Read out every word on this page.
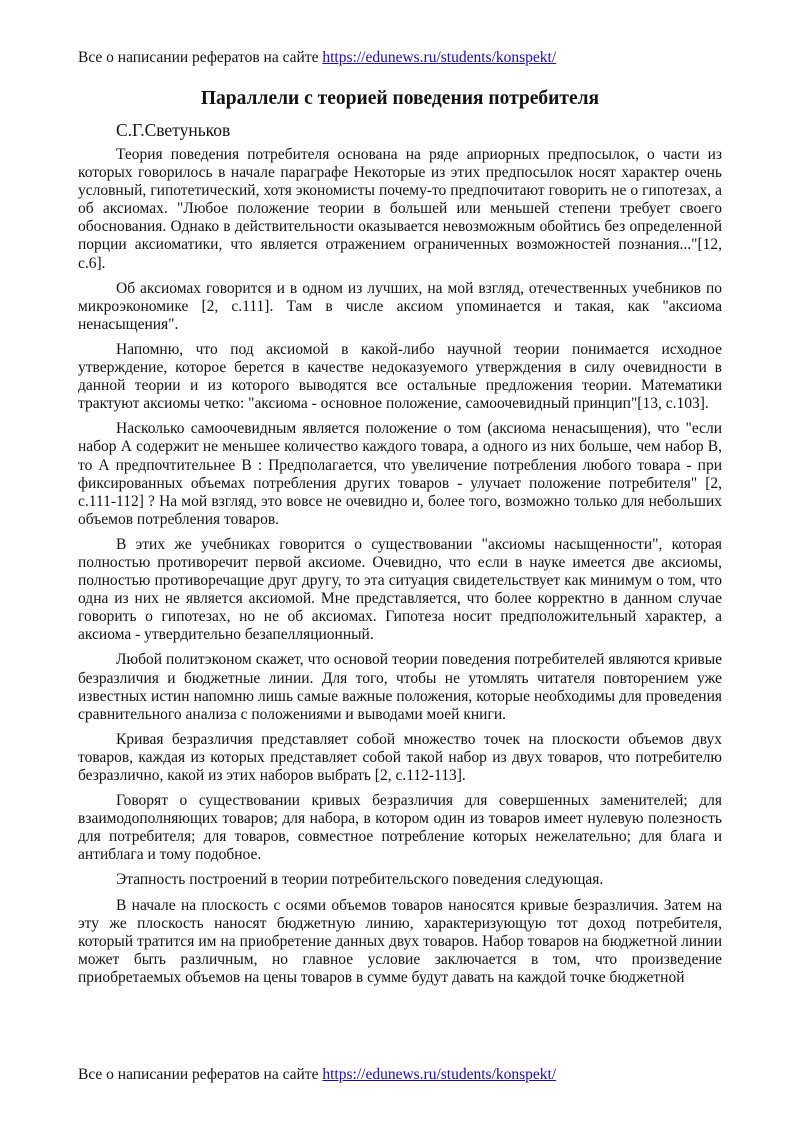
Все о написании рефератов на сайте https://edunews.ru/students/konspekt/
Параллели с теорией поведения потребителя
С.Г.Светуньков

Теория поведения потребителя основана на ряде априорных предпосылок, о части из которых говорилось в начале параграфе Некоторые из этих предпосылок носят характер очень условный, гипотетический, хотя экономисты почему-то предпочитают говорить не о гипотезах, а об аксиомах. "Любое положение теории в большей или меньшей степени требует своего обоснования. Однако в действительности оказывается невозможным обойтись без определенной порции аксиоматики, что является отражением ограниченных возможностей познания..."[12, с.6].

Об аксиомах говорится и в одном из лучших, на мой взгляд, отечественных учебников по микроэкономике [2, с.111]. Там в числе аксиом упоминается и такая, как "аксиома ненасыщения".

Напомню, что под аксиомой в какой-либо научной теории понимается исходное утверждение, которое берется в качестве недоказуемого утверждения в силу очевидности в данной теории и из которого выводятся все остальные предложения теории. Математики трактуют аксиомы четко: "аксиома - основное положение, самоочевидный принцип"[13, с.103].

Насколько самоочевидным является положение о том (аксиома ненасыщения), что "если набор А содержит не меньшее количество каждого товара, а одного из них больше, чем набор В, то А предпочтительнее В : Предполагается, что увеличение потребления любого товара - при фиксированных объемах потребления других товаров - улучает положение потребителя" [2, с.111-112] ? На мой взгляд, это вовсе не очевидно и, более того, возможно только для небольших объемов потребления товаров.

В этих же учебниках говорится о существовании "аксиомы насыщенности", которая полностью противоречит первой аксиоме. Очевидно, что если в науке имеется две аксиомы, полностью противоречащие друг другу, то эта ситуация свидетельствует как минимум о том, что одна из них не является аксиомой. Мне представляется, что более корректно в данном случае говорить о гипотезах, но не об аксиомах. Гипотеза носит предположительный характер, а аксиома - утвердительно безапелляционный.

Любой политэконом скажет, что основой теории поведения потребителей являются кривые безразличия и бюджетные линии. Для того, чтобы не утомлять читателя повторением уже известных истин напомню лишь самые важные положения, которые необходимы для проведения сравнительного анализа с положениями и выводами моей книги.

Кривая безразличия представляет собой множество точек на плоскости объемов двух товаров, каждая из которых представляет собой такой набор из двух товаров, что потребителю безразлично, какой из этих наборов выбрать [2, с.112-113].

Говорят о существовании кривых безразличия для совершенных заменителей; для взаимодополняющих товаров; для набора, в котором один из товаров имеет нулевую полезность для потребителя; для товаров, совместное потребление которых нежелательно; для блага и антиблага и тому подобное.

Этапность построений в теории потребительского поведения следующая.

В начале на плоскость с осями объемов товаров наносятся кривые безразличия. Затем на эту же плоскость наносят бюджетную линию, характеризующую тот доход потребителя, который тратится им на приобретение данных двух товаров. Набор товаров на бюджетной линии может быть различным, но главное условие заключается в том, что произведение приобретаемых объемов на цены товаров в сумме будут давать на каждой точке бюджетной

Все о написании рефератов на сайте https://edunews.ru/students/konspekt/
